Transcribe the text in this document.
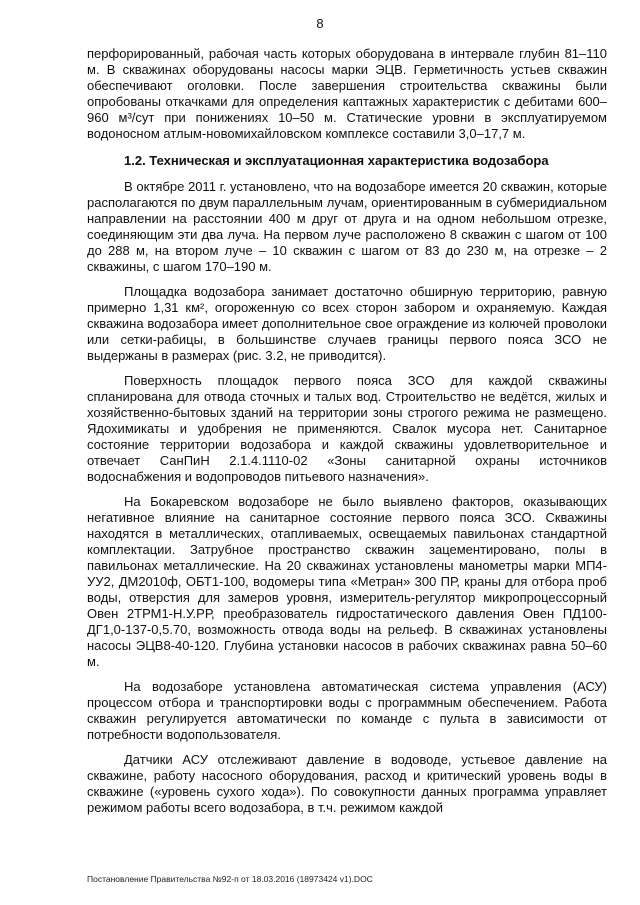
8

перфорированный, рабочая часть которых оборудована в интервале глубин 81–110 м. В скважинах оборудованы насосы марки ЭЦВ. Герметичность устьев скважин обеспечивают оголовки. После завершения строительства скважины были опробованы откачками для определения каптажных характеристик с дебитами 600–960 м³/сут при понижениях 10–50 м. Статические уровни в эксплуатируемом водоносном атлым-новомихайловском комплексе составили 3,0–17,7 м.

1.2. Техническая и эксплуатационная характеристика водозабора

В октябре 2011 г. установлено, что на водозаборе имеется 20 скважин, которые располагаются по двум параллельным лучам, ориентированным в субмеридиальном направлении на расстоянии 400 м друг от друга и на одном небольшом отрезке, соединяющим эти два луча. На первом луче расположено 8 скважин с шагом от 100 до 288 м, на втором луче – 10 скважин с шагом от 83 до 230 м, на отрезке – 2 скважины, с шагом 170–190 м.

Площадка водозабора занимает достаточно обширную территорию, равную примерно 1,31 км², огороженную со всех сторон забором и охраняемую. Каждая скважина водозабора имеет дополнительное свое ограждение из колючей проволоки или сетки-рабицы, в большинстве случаев границы первого пояса ЗСО не выдержаны в размерах (рис. 3.2, не приводится).

Поверхность площадок первого пояса ЗСО для каждой скважины спланирована для отвода сточных и талых вод. Строительство не ведётся, жилых и хозяйственно-бытовых зданий на территории зоны строгого режима не размещено. Ядохимикаты и удобрения не применяются. Свалок мусора нет. Санитарное состояние территории водозабора и каждой скважины удовлетворительное и отвечает СанПиН 2.1.4.1110-02 «Зоны санитарной охраны источников водоснабжения и водопроводов питьевого назначения».

На Бокаревском водозаборе не было выявлено факторов, оказывающих негативное влияние на санитарное состояние первого пояса ЗСО. Скважины находятся в металлических, отапливаемых, освещаемых павильонах стандартной комплектации. Затрубное пространство скважин зацементировано, полы в павильонах металлические. На 20 скважинах установлены манометры марки МП4-УУ2, ДМ2010ф, ОБТ1-100, водомеры типа «Метран» 300 ПР, краны для отбора проб воды, отверстия для замеров уровня, измеритель-регулятор микропроцессорный Овен 2ТРМ1-Н.У.РР, преобразователь гидростатического давления Овен ПД100-ДГ1,0-137-0,5.70, возможность отвода воды на рельеф. В скважинах установлены насосы ЭЦВ8-40-120. Глубина установки насосов в рабочих скважинах равна 50–60 м.

На водозаборе установлена автоматическая система управления (АСУ) процессом отбора и транспортировки воды с программным обеспечением. Работа скважин регулируется автоматически по команде с пульта в зависимости от потребности водопользователя.

Датчики АСУ отслеживают давление в водоводе, устьевое давление на скважине, работу насосного оборудования, расход и критический уровень воды в скважине («уровень сухого хода»). По совокупности данных программа управляет режимом работы всего водозабора, в т.ч. режимом каждой

Постановление Правительства №92-п от 18.03.2016 (18973424 v1).DOC
